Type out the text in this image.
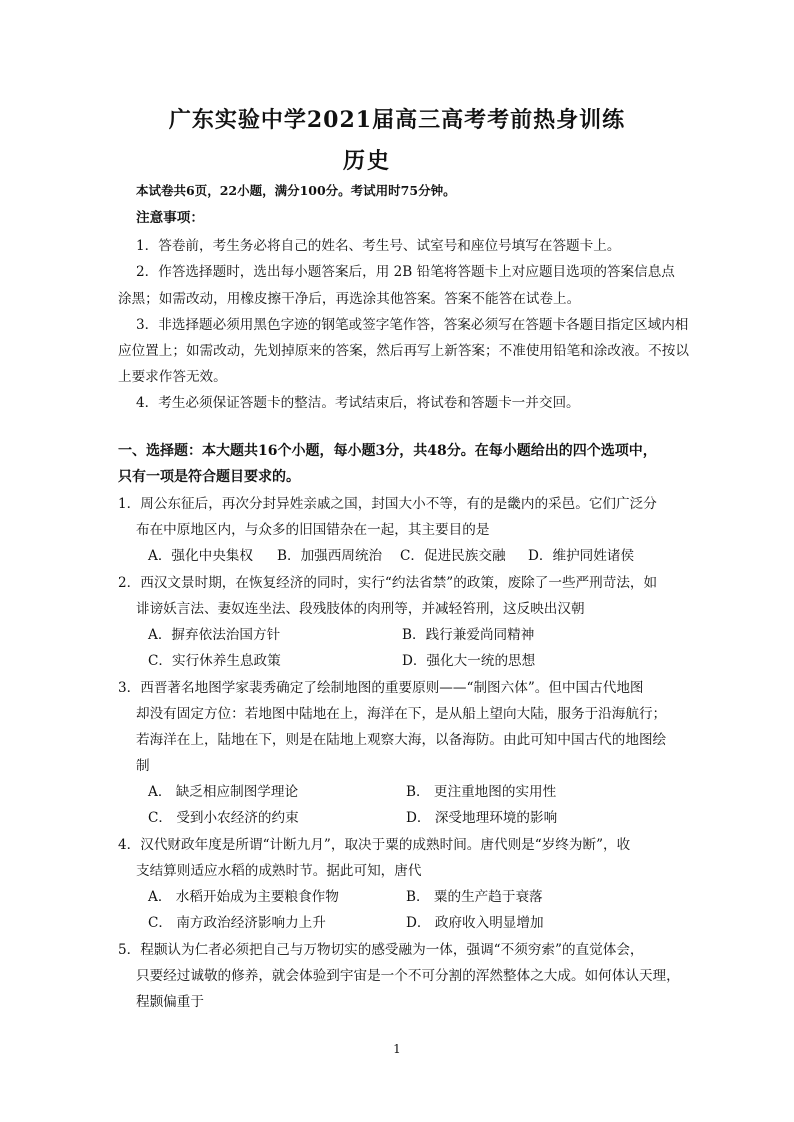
广东实验中学2021届高三高考考前热身训练
历史
本试卷共6页，22小题，满分100分。考试用时75分钟。
注意事项：
1．答卷前，考生务必将自己的姓名、考生号、试室号和座位号填写在答题卡上。
2．作答选择题时，选出每小题答案后，用 2B 铅笔将答题卡上对应题目选项的答案信息点
涂黑；如需改动，用橡皮擦干净后，再选涂其他答案。答案不能答在试卷上。
3．非选择题必须用黑色字迹的钢笔或签字笔作答，答案必须写在答题卡各题目指定区域内相
应位置上；如需改动，先划掉原来的答案，然后再写上新答案；不准使用铅笔和涂改液。不按以
上要求作答无效。
4．考生必须保证答题卡的整洁。考试结束后，将试卷和答题卡一并交回。
一、选择题：本大题共16个小题，每小题3分，共48分。在每小题给出的四个选项中，
只有一项是符合题目要求的。
1．周公东征后，再次分封异姓亲戚之国，封国大小不等，有的是畿内的采邑。它们广泛分
布在中原地区内，与众多的旧国错杂在一起，其主要目的是
A．强化中央集权 B．加强西周统治 C．促进民族交融 D．维护同姓诸侯
2．西汉文景时期，在恢复经济的同时，实行“约法省禁”的政策，废除了一些严刑苛法，如
诽谤妖言法、妻奴连坐法、段残肢体的肉刑等，并减轻笞刑，这反映出汉朝
A．摒弃依法治国方针	B．践行兼爱尚同精神
C．实行休养生息政策	D．强化大一统的思想
3．西晋著名地图学家裴秀确定了绘制地图的重要原则——“制图六体”。但中国古代地图
却没有固定方位：若地图中陆地在上，海洋在下，是从船上望向大陆，服务于沿海航行；
若海洋在上，陆地在下，则是在陆地上观察大海，以备海防。由此可知中国古代的地图绘
制
A． 缺乏相应制图学理论	B． 更注重地图的实用性
C． 受到小农经济的约束	D． 深受地理环境的影响
4．汉代财政年度是所谓“计断九月”，取决于粟的成熟时间。唐代则是“岁终为断”，收
支结算则适应水稻的成熟时节。据此可知，唐代
A． 水稻开始成为主要粮食作物	B． 粟的生产趋于衰落
C． 南方政治经济影响力上升	D． 政府收入明显增加
5．程颢认为仁者必须把自己与万物切实的感受融为一体，强调“不须穷索”的直觉体会，
只要经过诚敬的修养，就会体验到宇宙是一个不可分割的浑然整体之大成。如何体认天理，
程颢偏重于
1
